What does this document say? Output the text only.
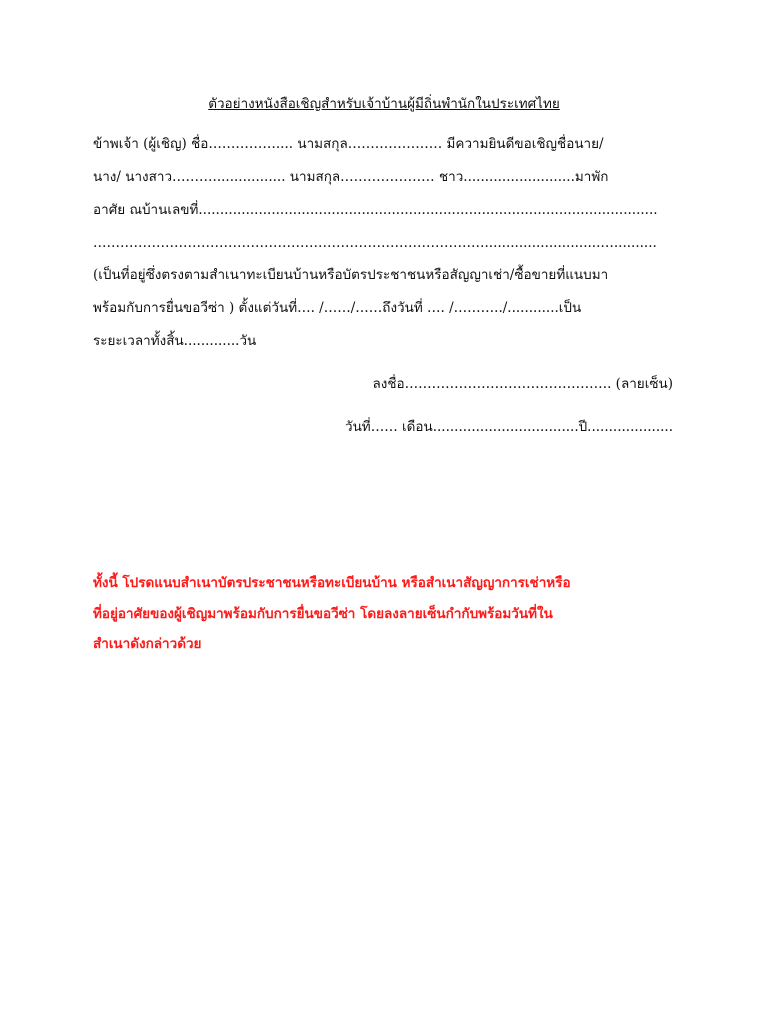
ตัวอย่างหนังสือเชิญสำหรับเจ้าบ้านผู้มีถิ่นพำนักในประเทศไทย
ข้าพเจ้า (ผู้เชิญ) ชื่อ…………….... นามสกุล………………… มีความยินดีขอเชิญชื่อนาย/
นาง/ นางสาว………................. นามสกุล………………… ชาว..........................มาพัก
อาศัย ณบ้านเลขที่...........................................................................................................
……………………………………………………………………………...........................…..........
(เป็นที่อยู่ซึ่งตรงตามสำเนาทะเบียนบ้านหรือบัตรประชาชนหรือสัญญาเช่า/ซื้อขายที่แนบมา
พร้อมกับการยื่นขอวีซ่า ) ตั้งแต่วันที่…. /……/……ถึงวันที่ …. /………../............เป็น
ระยะเวลาทั้งสิ้น.............วัน
ลงชื่อ………………………………………. (ลายเซ็น)
วันที่…… เดือน..................................ปี....................
ทั้งนี้ โปรดแนบสำเนาบัตรประชาชนหรือทะเบียนบ้าน หรือสำเนาสัญญาการเช่าหรือ
ที่อยู่อาศัยของผู้เชิญมาพร้อมกับการยื่นขอวีซ่า โดยลงลายเซ็นกำกับพร้อมวันที่ใน
สำเนาดังกล่าวด้วย
